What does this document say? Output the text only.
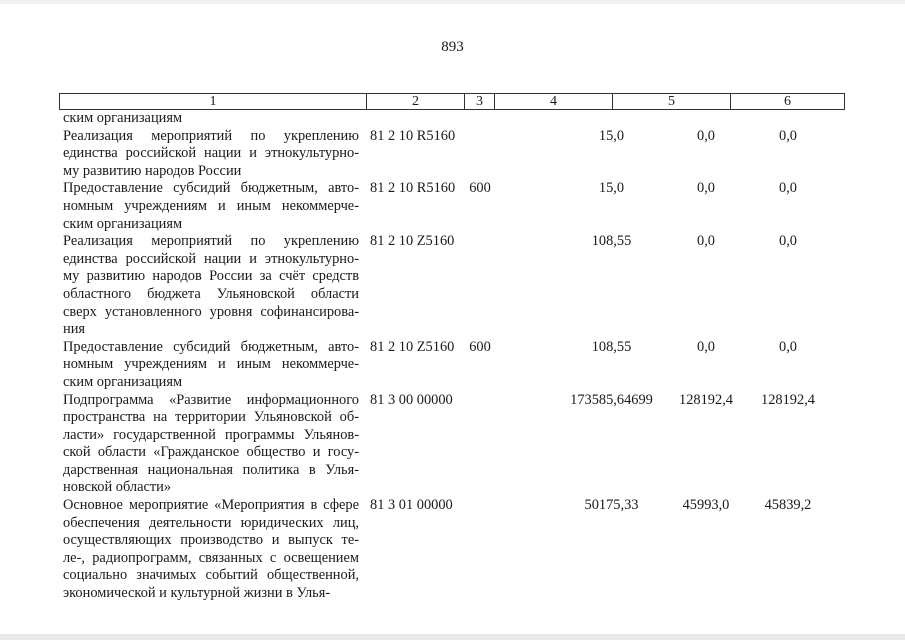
893
1	2	3	4	5	6
ским организациям
Реализация мероприятий по укреплению
единства российской нации и этнокультурно-
му развитию народов России
81 2 10 R5160	15,0	0,0	0,0
Предоставление субсидий бюджетным, авто-
номным учреждениям и иным некоммерче-
ским организациям
81 2 10 R5160 600	15,0	0,0	0,0
Реализация мероприятий по укреплению
единства российской нации и этнокультурно-
му развитию народов России за счёт средств
областного бюджета Ульяновской области
сверх установленного уровня софинансирова-
ния
81 2 10 Z5160	108,55	0,0	0,0
Предоставление субсидий бюджетным, авто-
номным учреждениям и иным некоммерче-
ским организациям
81 2 10 Z5160 600	108,55	0,0	0,0
Подпрограмма «Развитие информационного
пространства на территории Ульяновской об-
ласти» государственной программы Ульянов-
ской области «Гражданское общество и госу-
дарственная национальная политика в Улья-
новской области»
81 3 00 00000	173585,64699	128192,4	128192,4
Основное мероприятие «Мероприятия в сфере
обеспечения деятельности юридических лиц,
осуществляющих производство и выпуск те-
ле-, радиопрограмм, связанных с освещением
социально значимых событий общественной,
экономической и культурной жизни в Улья-
81 3 01 00000	50175,33	45993,0	45839,2
